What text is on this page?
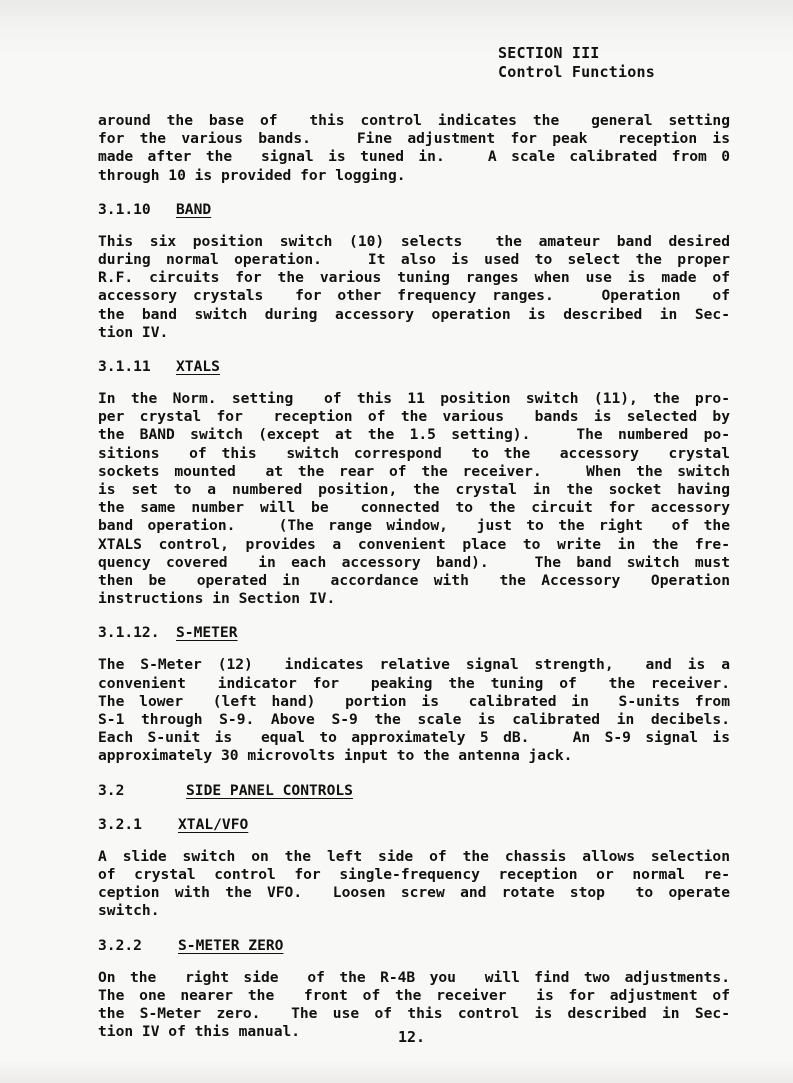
SECTION III
Control Functions
around the base of  this control indicates the  general setting
for the various bands.   Fine adjustment for peak  reception is
made after the  signal is tuned in.   A scale calibrated from 0
through 10 is provided for logging.
3.1.10 BAND
This six position switch (10) selects  the amateur band desired
during normal operation.   It also is used to select the proper
R.F. circuits for the various tuning ranges when use is made of
accessory crystals  for other frequency ranges.   Operation  of
the band switch during accessory operation is described in Sec-
tion IV.
3.1.11 XTALS
In the Norm. setting  of this 11 position switch (11), the pro-
per crystal for  reception of the various  bands is selected by
the BAND switch (except at the 1.5 setting).   The numbered po-
sitions  of this  switch correspond  to the  accessory  crystal
sockets mounted  at the rear of the receiver.   When the switch
is set to a numbered position, the crystal in the socket having
the same number will be  connected to the circuit for accessory
band operation.   (The range window,  just to the right  of the
XTALS control, provides a convenient place to write in the fre-
quency covered  in each accessory band).   The band switch must
then be  operated in  accordance with  the Accessory  Operation
instructions in Section IV.
3.1.12. S-METER
The S-Meter (12)  indicates relative signal strength,  and is a
convenient  indicator for  peaking the tuning of  the receiver.
The lower  (left hand)  portion is  calibrated in  S-units from
S-1 through S-9. Above S-9 the scale is calibrated in decibels.
Each S-unit is  equal to approximately 5 dB.   An S-9 signal is
approximately 30 microvolts input to the antenna jack.
3.2	SIDE PANEL CONTROLS
3.2.1 XTAL/VFO
A slide switch on the left side of the chassis allows selection
of crystal control for single-frequency reception or normal re-
ception with the VFO.  Loosen screw and rotate stop  to operate
switch.
3.2.2 S-METER ZERO
On the  right side  of the R-4B you  will find two adjustments.
The one nearer the  front of the receiver  is for adjustment of
the S-Meter zero.  The use of this control is described in Sec-
tion IV of this manual.	12.
